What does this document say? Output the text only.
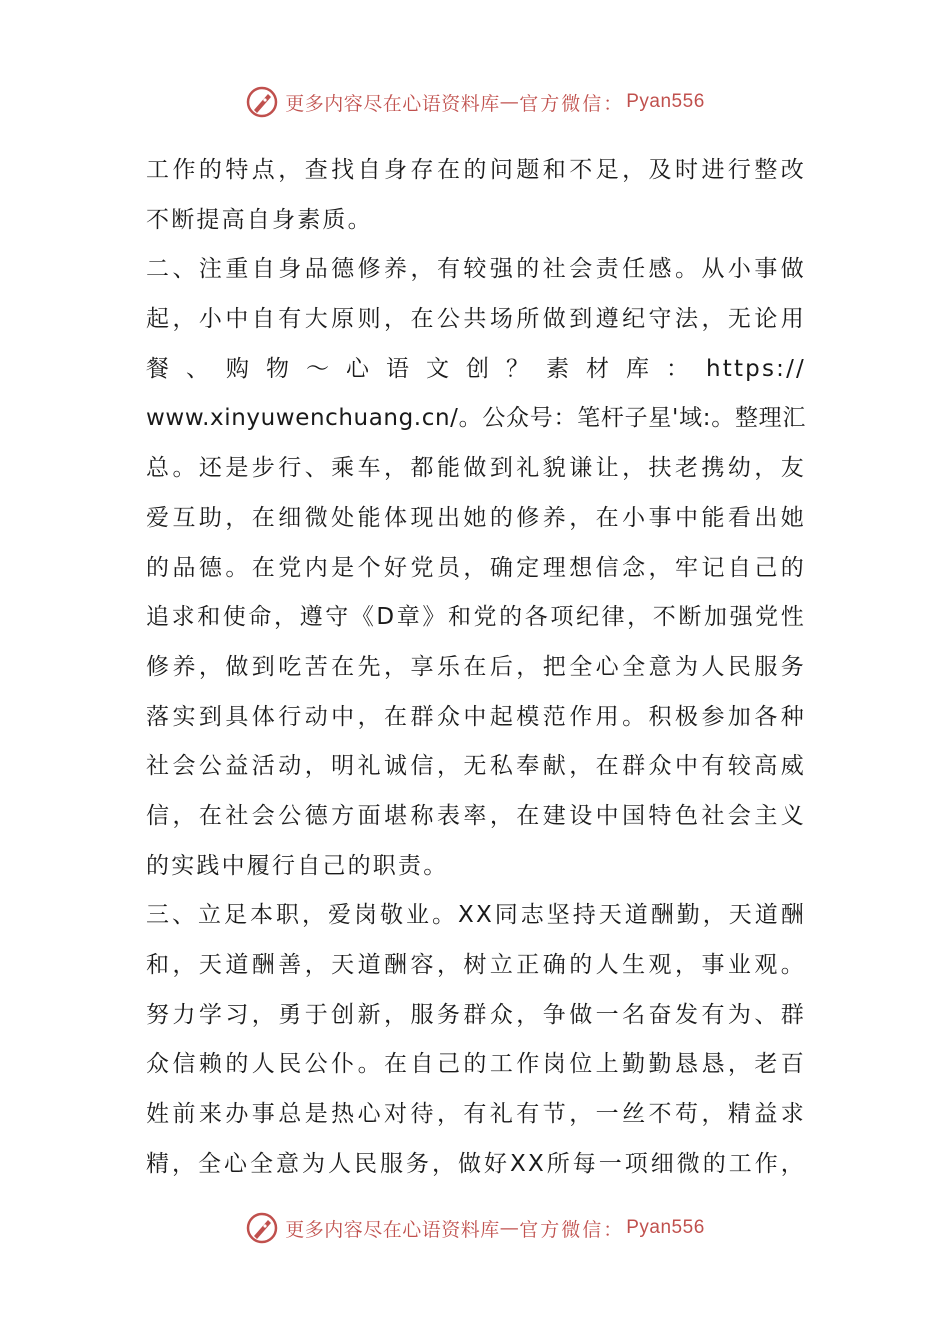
更多内容尽在心语资料库 — 官方微信： Pyan556
工作的特点，查找自身存在的问题和不足，及时进行整改
不断提高自身素质。
二、注重自身品德修养，有较强的社会责任感。从小事做
起，小中自有大原则，在公共场所做到遵纪守法，无论用
餐、购物～心语文创？素材库：https://
www.xinyuwenchuang.cn/。公众号：笔杆子星'域:。整理汇
总。还是步行、乘车，都能做到礼貌谦让，扶老携幼，友
爱互助，在细微处能体现出她的修养，在小事中能看出她
的品德。在党内是个好党员，确定理想信念，牢记自己的
追求和使命，遵守《D章》和党的各项纪律，不断加强党性
修养，做到吃苦在先，享乐在后，把全心全意为人民服务
落实到具体行动中，在群众中起模范作用。积极参加各种
社会公益活动，明礼诚信，无私奉献，在群众中有较高威
信，在社会公德方面堪称表率，在建设中国特色社会主义
的实践中履行自己的职责。
三、立足本职，爱岗敬业。XX同志坚持天道酬勤，天道酬
和，天道酬善，天道酬容，树立正确的人生观，事业观。
努力学习，勇于创新，服务群众，争做一名奋发有为、群
众信赖的人民公仆。在自己的工作岗位上勤勤恳恳，老百
姓前来办事总是热心对待，有礼有节，一丝不苟，精益求
精，全心全意为人民服务，做好XX所每一项细微的工作，
更多内容尽在心语资料库 — 官方微信： Pyan556
